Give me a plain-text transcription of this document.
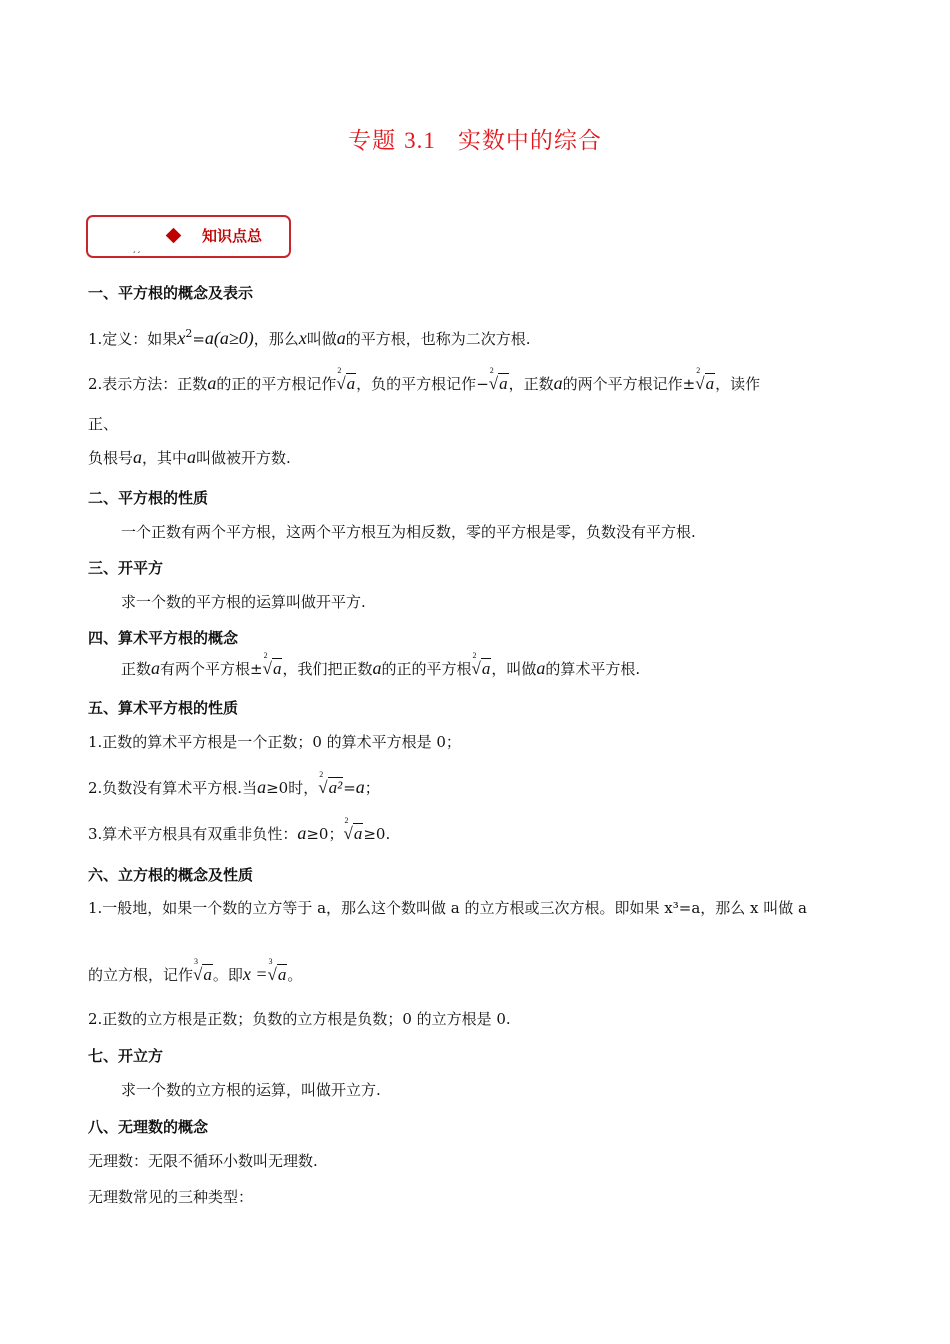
专题 3.1 实数中的综合
¸¸
知识点总
一、平方根的概念及表示
1.定义：如果$x^2=a(a\ge 0)$，那么x叫做a的平方根，也称为二次方根.
2.表示方法：正数a的正的平方根记作
2
√a，负的平方根记作−
2
√a，正数a的两个平方根记作±
2
√a，读作
正、
负根号a，其中a叫做被开方数.
二、平方根的性质
一个正数有两个平方根，这两个平方根互为相反数，零的平方根是零，负数没有平方根.
三、开平方
求一个数的平方根的运算叫做开平方.
四、算术平方根的概念
正数a有两个平方根±
2
√a，我们把正数a的正的平方根
2
√a，叫做a的算术平方根.
五、算术平方根的性质
1.正数的算术平方根是一个正数；0 的算术平方根是 0；
2.负数没有算术平方根.当a≥0时，
2
√a²=a；
3.算术平方根具有双重非负性：a≥0；
2
√a≥0.
六、立方根的概念及性质
1.一般地，如果一个数的立方等于 a，那么这个数叫做 a 的立方根或三次方根。即如果 x³=a，那么 x 叫做 a
的立方根，记作
3
√a。即x =
3
√a。
2.正数的立方根是正数；负数的立方根是负数；0 的立方根是 0.
七、开立方
求一个数的立方根的运算，叫做开立方.
八、无理数的概念
无理数：无限不循环小数叫无理数.
无理数常见的三种类型：
